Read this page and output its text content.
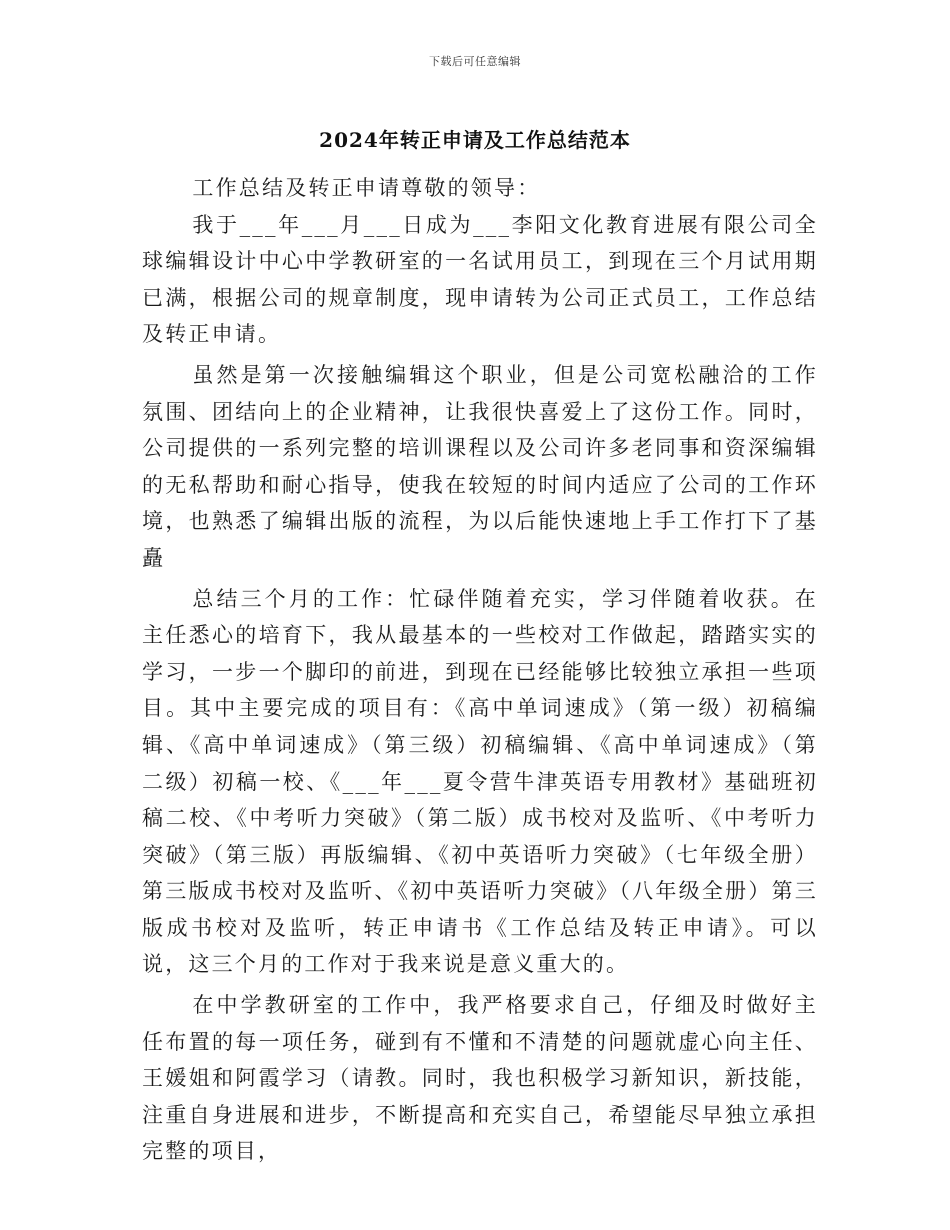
下载后可任意编辑
2024年转正申请及工作总结范本

工作总结及转正申请尊敬的领导：

我于___年___月___日成为___李阳文化教育进展有限公司全球编辑设计中心中学教研室的一名试用员工，到现在三个月试用期已满，根据公司的规章制度，现申请转为公司正式员工，工作总结及转正申请。

虽然是第一次接触编辑这个职业，但是公司宽松融洽的工作氛围、团结向上的企业精神，让我很快喜爱上了这份工作。同时，公司提供的一系列完整的培训课程以及公司许多老同事和资深编辑的无私帮助和耐心指导，使我在较短的时间内适应了公司的工作环境，也熟悉了编辑出版的流程，为以后能快速地上手工作打下了基矗

总结三个月的工作：忙碌伴随着充实，学习伴随着收获。在主任悉心的培育下，我从最基本的一些校对工作做起，踏踏实实的学习，一步一个脚印的前进，到现在已经能够比较独立承担一些项目。其中主要完成的项目有：《高中单词速成》（第一级）初稿编辑、《高中单词速成》（第三级）初稿编辑、《高中单词速成》（第二级）初稿一校、《___年___夏令营牛津英语专用教材》基础班初稿二校、《中考听力突破》（第二版）成书校对及监听、《中考听力突破》（第三版）再版编辑、《初中英语听力突破》（七年级全册）第三版成书校对及监听、《初中英语听力突破》（八年级全册）第三版成书校对及监听，转正申请书《工作总结及转正申请》。可以说，这三个月的工作对于我来说是意义重大的。

在中学教研室的工作中，我严格要求自己，仔细及时做好主任布置的每一项任务，碰到有不懂和不清楚的问题就虚心向主任、王媛姐和阿霞学习（请教。同时，我也积极学习新知识，新技能，注重自身进展和进步，不断提高和充实自己，希望能尽早独立承担完整的项目，
